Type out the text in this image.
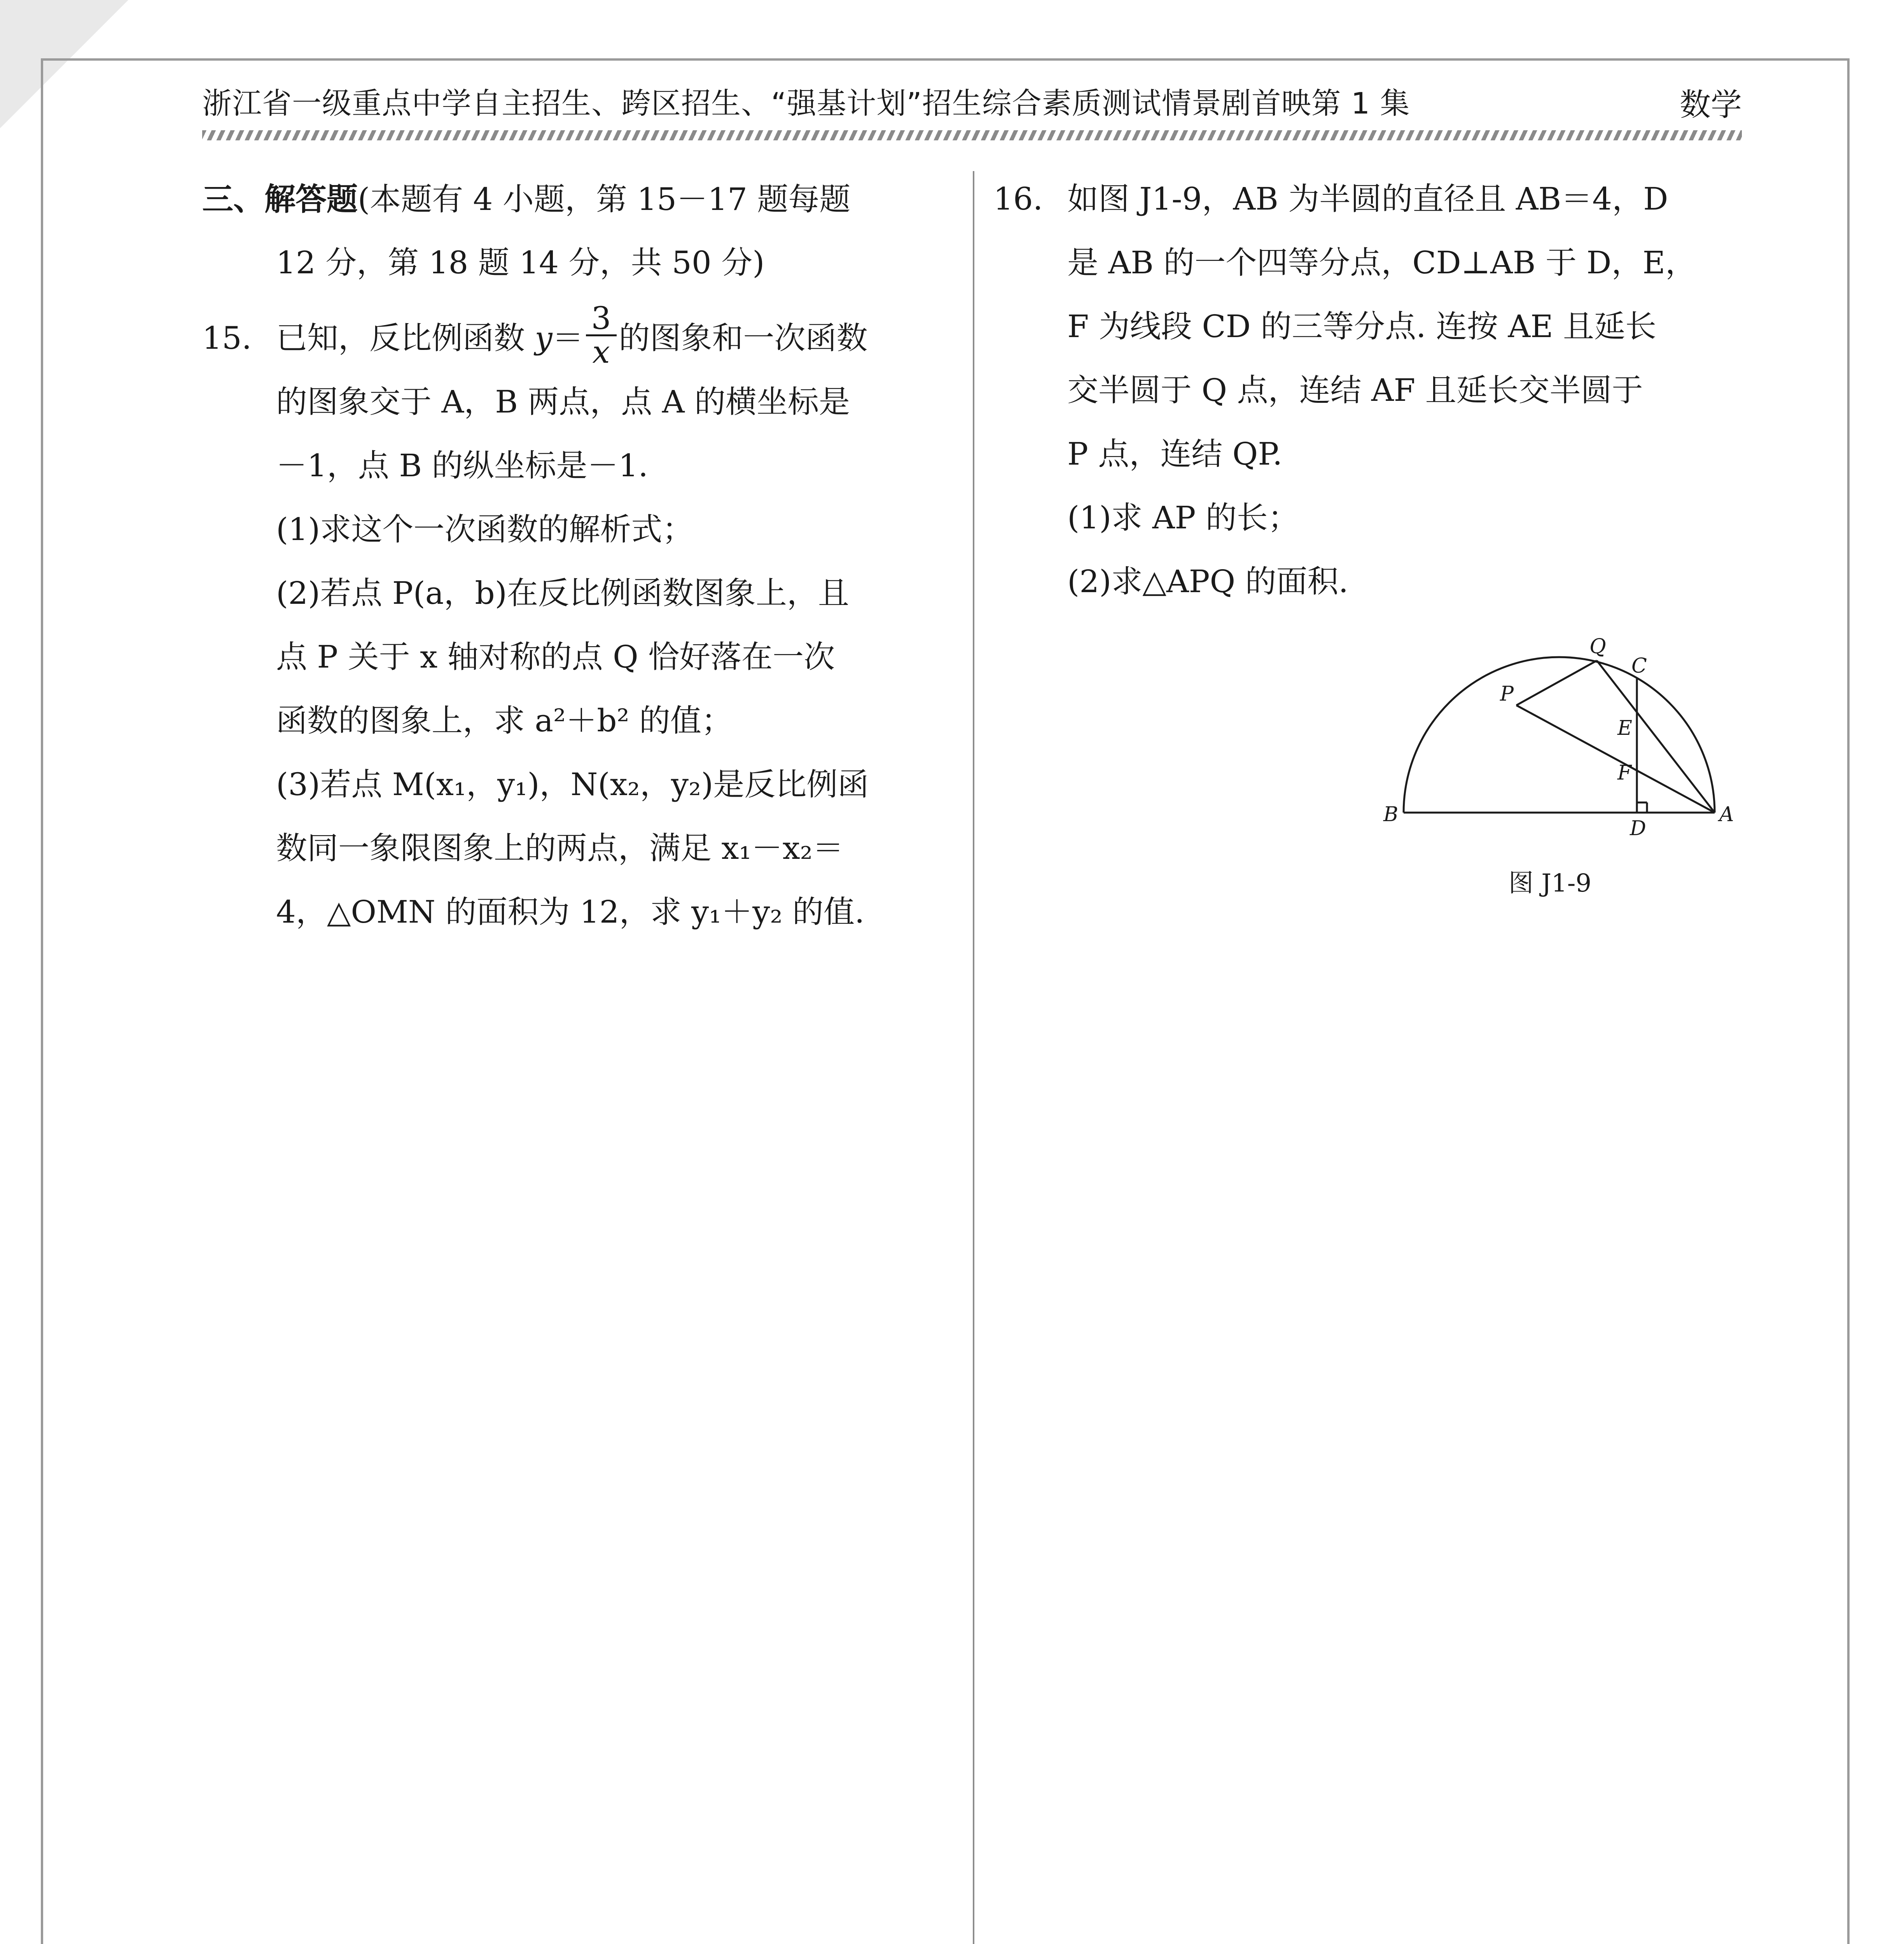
浙江省一级重点中学自主招生、跨区招生、“强基计划”招生综合素质测试情景剧首映第 1 集	数学
三、解答题(本题有 4 小题，第 15－17 题每题
12 分，第 18 题 14 分，共 50 分)
15. 已知，反比例函数 $y= \frac{3}{x}$ 的图象和一次函数
的图象交于 A，B 两点，点 A 的横坐标是
－1，点 B 的纵坐标是－1.
(1)求这个一次函数的解析式；
(2)若点 P(a，b)在反比例函数图象上，且
点 P 关于 x 轴对称的点 Q 恰好落在一次
函数的图象上，求 a²＋b² 的值；
(3)若点 M(x₁，y₁)，N(x₂，y₂)是反比例函
数同一象限图象上的两点，满足 x₁－x₂＝
4，△OMN 的面积为 12，求 y₁＋y₂ 的值.
16. 如图 J1-9，AB 为半圆的直径且 AB＝4，D
是 AB 的一个四等分点，CD⊥AB 于 D，E，
F 为线段 CD 的三等分点. 连按 AE 且延长
交半圆于 Q 点，连结 AF 且延长交半圆于
P 点，连结 QP.
(1)求 AP 的长；
(2)求△APQ 的面积.
P
Q
C
E
F
B
D
A
图 J1-9
